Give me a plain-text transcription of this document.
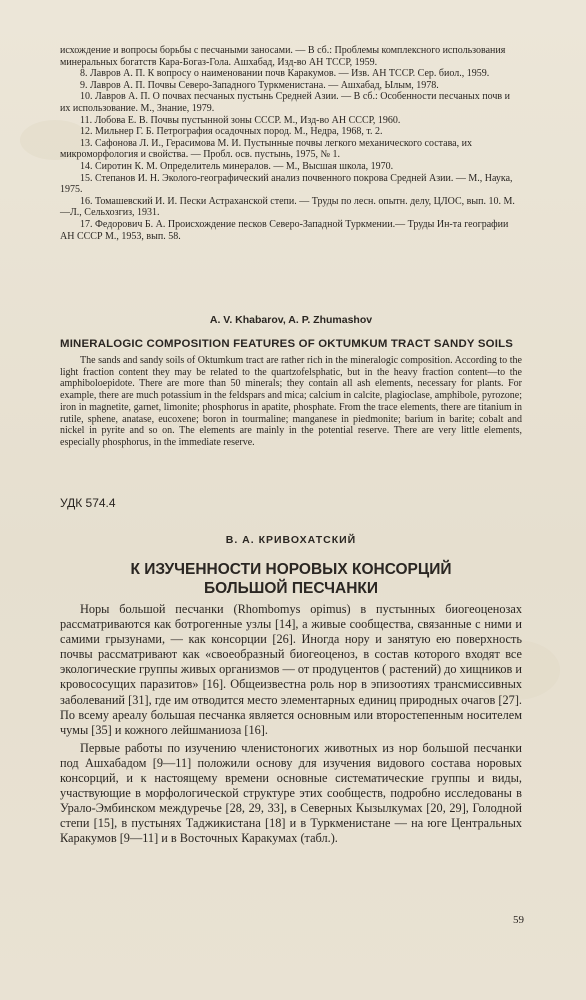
исхождение и вопросы борьбы с песчаными заносами. — В сб.: Проблемы комплексного использования минеральных богатств Кара-Богаз-Гола. Ашхабад, Изд-во АН ТССР, 1959.

8. Лавров А. П. К вопросу о наименовании почв Каракумов. — Изв. АН ТССР. Сер. биол., 1959.

9. Лавров А. П. Почвы Северо-Западного Туркменистана. — Ашхабад, Ылым, 1978.

10. Лавров А. П. О почвах песчаных пустынь Средней Азии. — В сб.: Особенности песчаных почв и их использование. М., Знание, 1979.

11. Лобова Е. В. Почвы пустынной зоны СССР. М., Изд-во АН СССР, 1960.

12. Мильнер Г. Б. Петрография осадочных пород. М., Недра, 1968, т. 2.

13. Сафонова Л. И., Герасимова М. И. Пустынные почвы легкого механического состава, их микроморфология и свойства. — Пробл. осв. пустынь, 1975, № 1.

14. Сиротин К. М. Определитель минералов. — М., Высшая школа, 1970.

15. Степанов И. Н. Эколого-географический анализ почвенного покрова Средней Азии. — М., Наука, 1975.

16. Томашевский И. И. Пески Астраханской степи. — Труды по лесн. опытн. делу, ЦЛОС, вып. 10. М.—Л., Сельхозгиз, 1931.

17. Федорович Б. А. Происхождение песков Северо-Западной Туркмении.— Труды Ин-та географии АН СССР М., 1953, вып. 58.

A. V. Khabarov, A. P. Zhumashov
MINERALOGIC COMPOSITION FEATURES OF OKTUMKUM TRACT SANDY SOILS

The sands and sandy soils of Oktumkum tract are rather rich in the mineralogic composition. According to the light fraction content they may be related to the quartzofelsphatic, but in the heavy fraction content—to the amphiboloepidote. There are more than 50 minerals; they contain all ash elements, necessary for plants. For example, there are much potassium in the feldspars and mica; calcium in calcite, plagioclase, amphibole, pyrozone; iron in magnetite, garnet, limonite; phosphorus in apatite, phosphate. From the trace elements, there are titanium in rutile, sphene, anatase, eucoxene; boron in tourmaline; manganese in piedmonite; barium in barite; cobalt and nickel in pyrite and so on. The elements are mainly in the potential reserve. There are very little elements, especially phosphorus, in the immediate reserve.

УДК 574.4
В. А. КРИВОХАТСКИЙ
К ИЗУЧЕННОСТИ НОРОВЫХ КОНСОРЦИЙ
БОЛЬШОЙ ПЕСЧАНКИ

Норы большой песчанки (Rhombomys opimus) в пустынных биогеоценозах рассматриваются как ботрогенные узлы [14], а живые сообщества, связанные с ними и самими грызунами, — как консорции [26]. Иногда нору и занятую ею поверхность почвы рассматривают как «своеобразный биогеоценоз, в состав которого входят все экологические группы живых организмов — от продуцентов ( растений) до хищников и кровососущих паразитов» [16]. Общеизвестна роль нор в эпизоотиях трансмиссивных заболеваний [31], где им отводится место элементарных единиц природных очагов [27]. По всему ареалу большая песчанка является основным или второстепенным носителем чумы [35] и кожного лейшманиоза [16].

Первые работы по изучению членистоногих животных из нор большой песчанки под Ашхабадом [9—11] положили основу для изучения видового состава норовых консорций, и к настоящему времени основные систематические группы и виды, участвующие в морфологической структуре этих сообществ, подробно исследованы в Урало-Эмбинском междуречье [28, 29, 33], в Северных Кызылкумах [20, 29], Голодной степи [15], в пустынях Таджикистана [18] и в Туркменистане — на юге Центральных Каракумов [9—11] и в Восточных Каракумах (табл.).

59
